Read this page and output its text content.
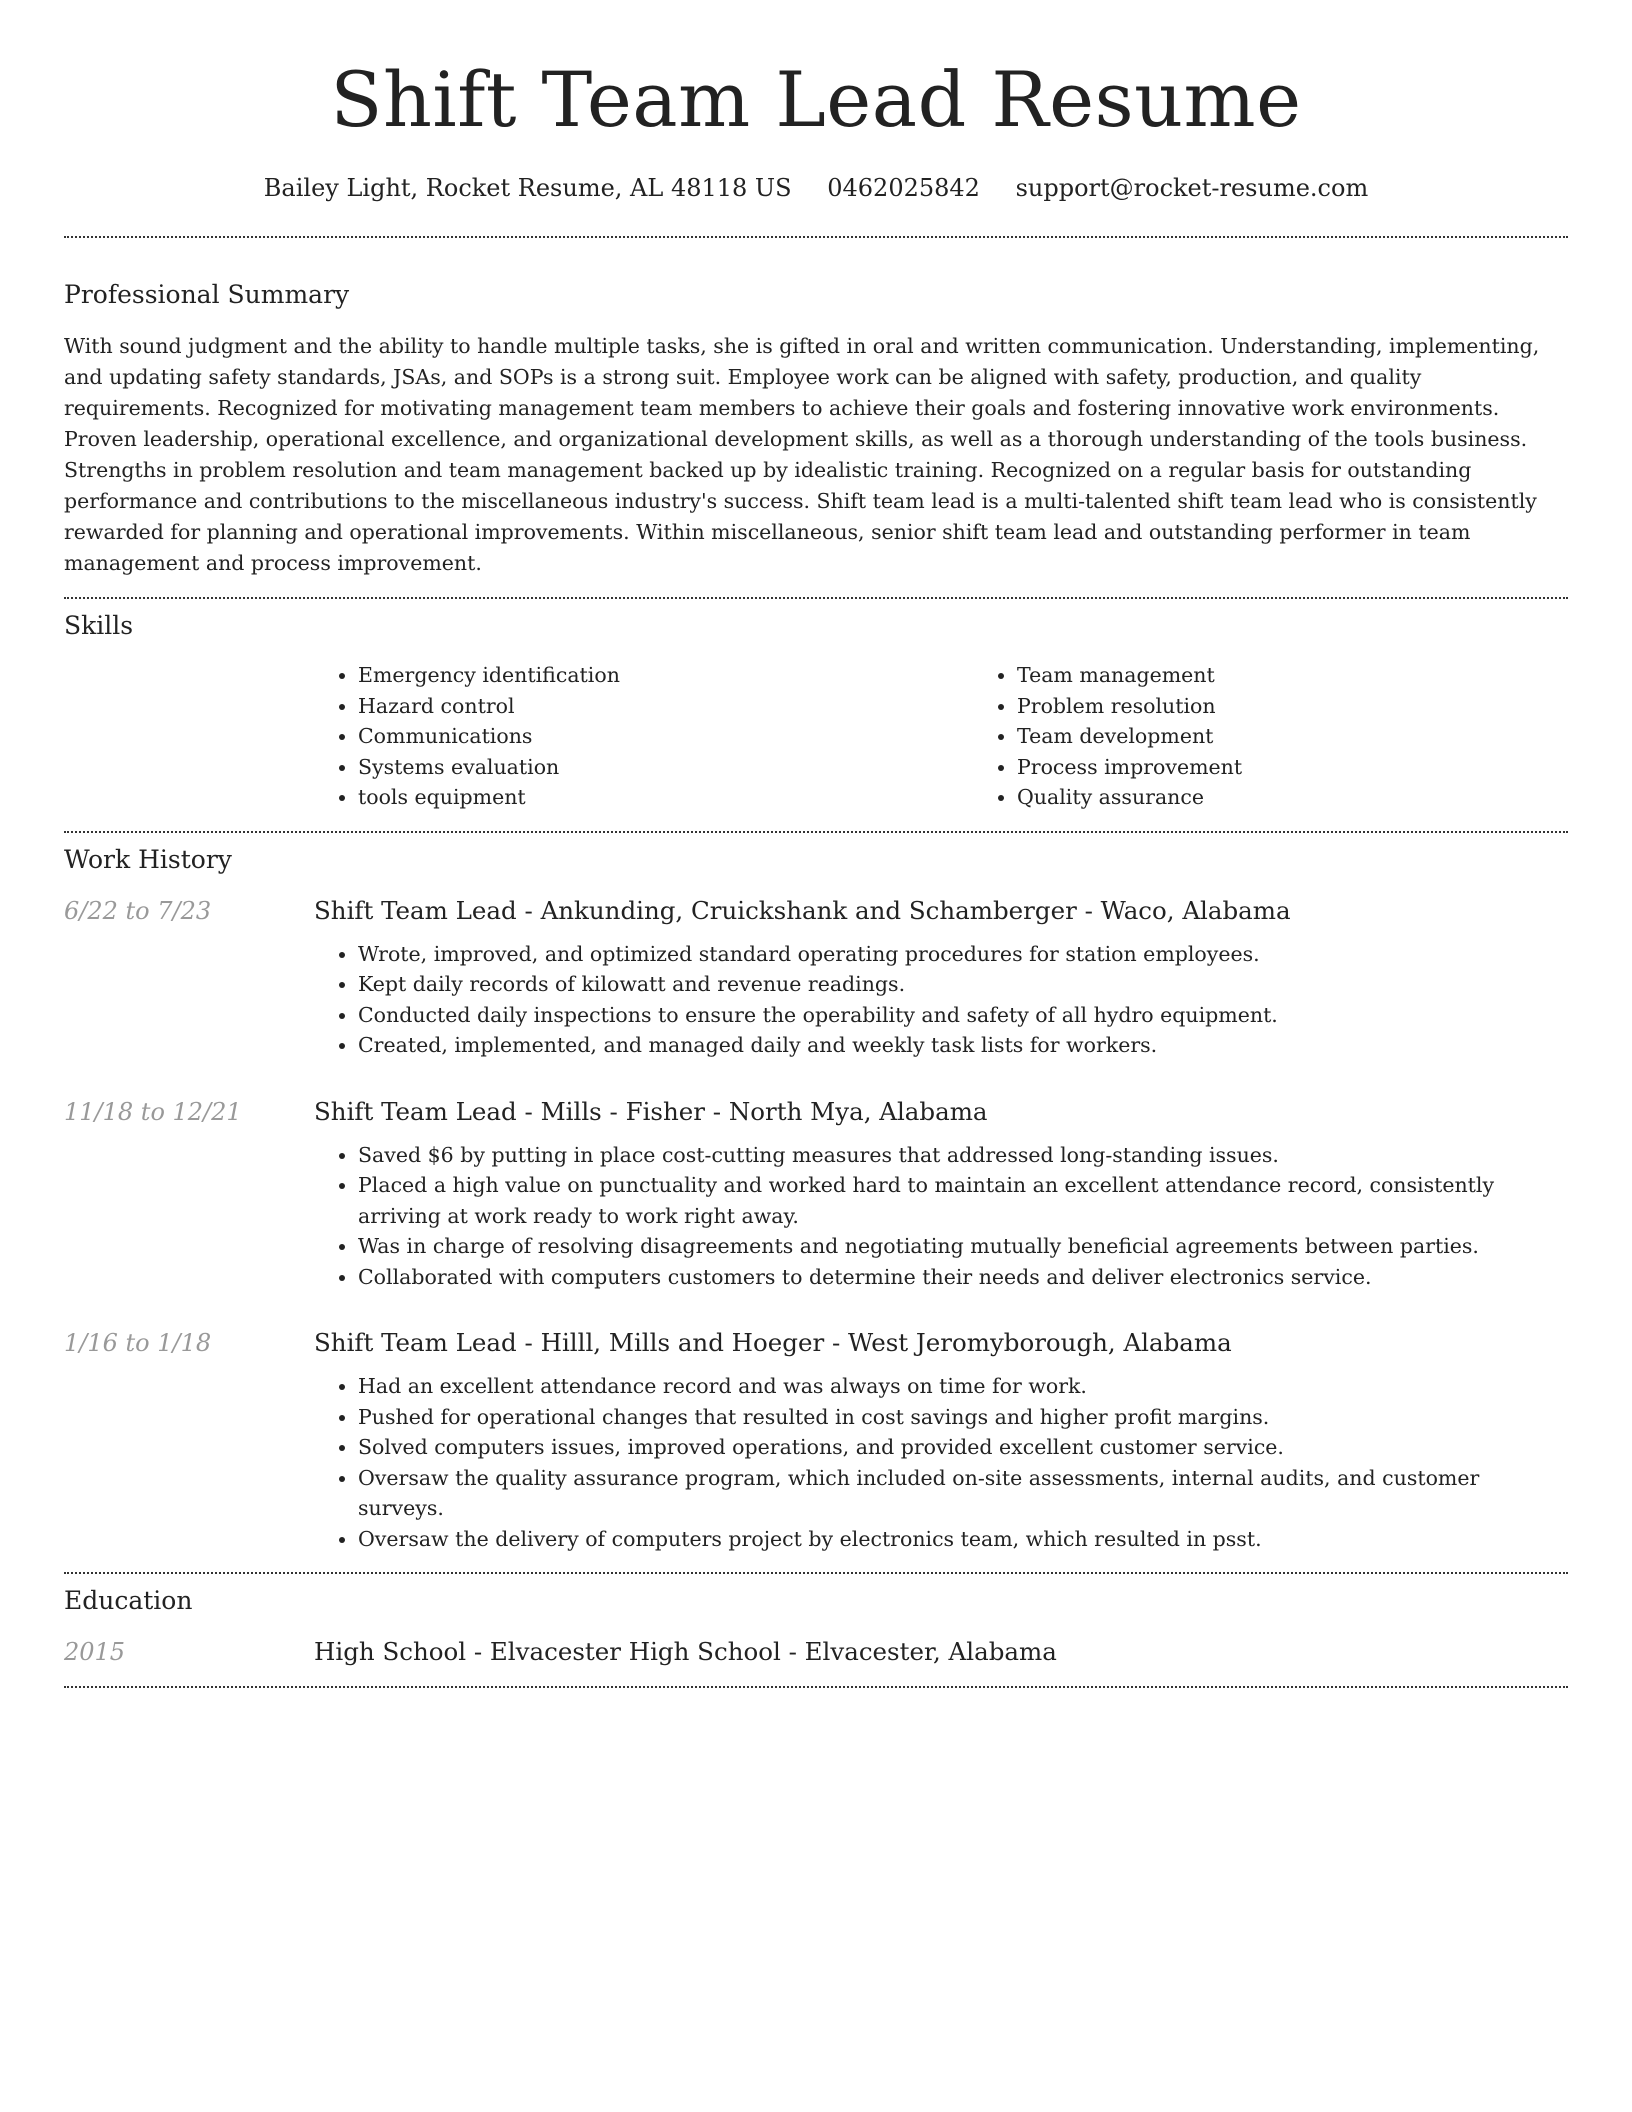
Shift Team Lead Resume
Bailey Light, Rocket Resume, AL 48118 US 0462025842 support@rocket-resume.com
Professional Summary

With sound judgment and the ability to handle multiple tasks, she is gifted in oral and written communication. Understanding, implementing, and updating safety standards, JSAs, and SOPs is a strong suit. Employee work can be aligned with safety, production, and quality requirements. Recognized for motivating management team members to achieve their goals and fostering innovative work environments. Proven leadership, operational excellence, and organizational development skills, as well as a thorough understanding of the tools business. Strengths in problem resolution and team management backed up by idealistic training. Recognized on a regular basis for outstanding performance and contributions to the miscellaneous industry's success. Shift team lead is a multi-talented shift team lead who is consistently rewarded for planning and operational improvements. Within miscellaneous, senior shift team lead and outstanding performer in team management and process improvement.

Skills
• Emergency identification
• Hazard control
• Communications
• Systems evaluation
• tools equipment
• Team management
• Problem resolution
• Team development
• Process improvement
• Quality assurance
Work History
6/22 to 7/23	Shift Team Lead - Ankunding, Cruickshank and Schamberger - Waco, Alabama
• Wrote, improved, and optimized standard operating procedures for station employees.
• Kept daily records of kilowatt and revenue readings.
• Conducted daily inspections to ensure the operability and safety of all hydro equipment.
• Created, implemented, and managed daily and weekly task lists for workers.
11/18 to 12/21	Shift Team Lead - Mills - Fisher - North Mya, Alabama
• Saved $6 by putting in place cost-cutting measures that addressed long-standing issues.
• Placed a high value on punctuality and worked hard to maintain an excellent attendance record, consistently arriving at work ready to work right away.
• Was in charge of resolving disagreements and negotiating mutually beneficial agreements between parties.
• Collaborated with computers customers to determine their needs and deliver electronics service.
1/16 to 1/18	Shift Team Lead - Hilll, Mills and Hoeger - West Jeromyborough, Alabama
• Had an excellent attendance record and was always on time for work.
• Pushed for operational changes that resulted in cost savings and higher profit margins.
• Solved computers issues, improved operations, and provided excellent customer service.
• Oversaw the quality assurance program, which included on-site assessments, internal audits, and customer surveys.
• Oversaw the delivery of computers project by electronics team, which resulted in psst.
Education
2015	High School - Elvacester High School - Elvacester, Alabama
